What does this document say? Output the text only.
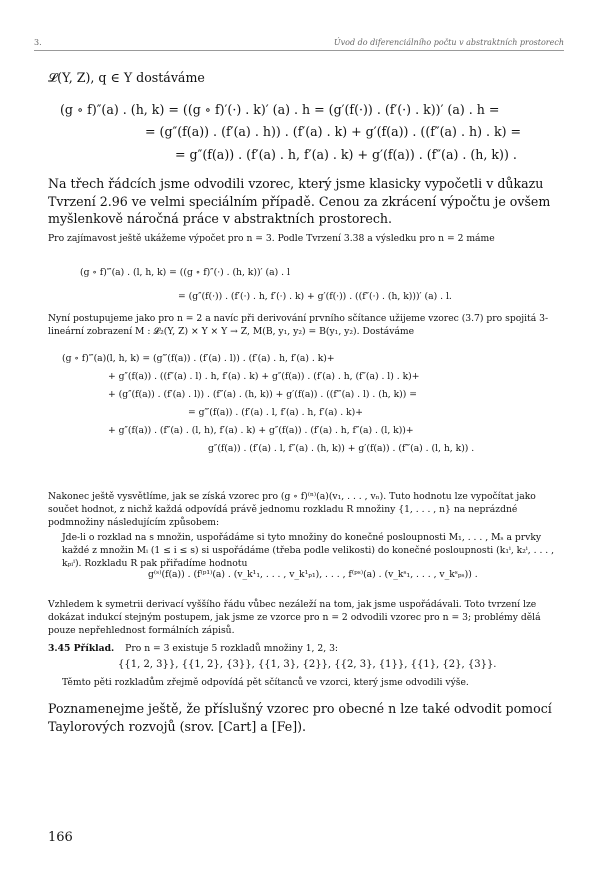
3.	Úvod do diferenciálního počtu v abstraktních prostorech
𝓛(Y, Z), q ∈ Y dostáváme
(g ∘ f)″(a) . (h, k) = ((g ∘ f)′(·) . k)′ (a) . h = (g′(f(·)) . (f′(·) . k))′ (a) . h =
= (g″(f(a)) . (f′(a) . h)) . (f′(a) . k) + g′(f(a)) . ((f″(a) . h) . k) =
= g″(f(a)) . (f′(a) . h, f′(a) . k) + g′(f(a)) . (f″(a) . (h, k)) .
Na třech řádcích jsme odvodili vzorec, který jsme klasicky vypočetli v důkazu Tvrzení 2.96 ve velmi speciálním případě. Cenou za zkrácení výpočtu je ovšem myšlenkově náročná práce v abstraktních prostorech.
Pro zajímavost ještě ukážeme výpočet pro n = 3. Podle Tvrzení 3.38 a výsledku pro n = 2 máme
(g ∘ f)‴(a) . (l, h, k) = ((g ∘ f)″(·) . (h, k))′ (a) . l
= (g″(f(·)) . (f′(·) . h, f′(·) . k) + g′(f(·)) . ((f″(·) . (h, k)))′ (a) . l.
Nyní postupujeme jako pro n = 2 a navíc při derivování prvního sčítance užijeme vzorec (3.7) pro spojitá 3-lineární zobrazení M : 𝓛₂(Y, Z) × Y × Y → Z, M(B, y₁, y₂) = B(y₁, y₂). Dostáváme
(g ∘ f)‴(a)(l, h, k) = (g‴(f(a)) . (f′(a) . l)) . (f′(a) . h, f′(a) . k)+
+ g″(f(a)) . ((f″(a) . l) . h, f′(a) . k) + g″(f(a)) . (f′(a) . h, (f″(a) . l) . k)+
+ (g″(f(a)) . (f′(a) . l)) . (f″(a) . (h, k)) + g′(f(a)) . ((f‴(a) . l) . (h, k)) =
= g‴(f(a)) . (f′(a) . l, f′(a) . h, f′(a) . k)+
+ g″(f(a)) . (f″(a) . (l, h), f′(a) . k) + g″(f(a)) . (f′(a) . h, f″(a) . (l, k))+
g″(f(a)) . (f′(a) . l, f″(a) . (h, k)) + g′(f(a)) . (f‴(a) . (l, h, k)) .
Nakonec ještě vysvětlíme, jak se získá vzorec pro (g ∘ f)⁽ⁿ⁾(a)(v₁, . . . , vₙ). Tuto hodnotu lze vypočítat jako součet hodnot, z nichž každá odpovídá právě jednomu rozkladu R množiny {1, . . . , n} na neprázdné podmnožiny následujícím způsobem:
Jde-li o rozklad na s množin, uspořádáme si tyto množiny do konečné posloupnosti M₁, . . . , Mₛ a prvky každé z množin Mᵢ (1 ≤ i ≤ s) si uspořádáme (třeba podle velikosti) do konečné posloupnosti (k₁ⁱ, k₂ⁱ, . . . , kₚᵢⁱ). Rozkladu R pak přiřadíme hodnotu
g⁽ˢ⁾(f(a)) . (f⁽ᵖ¹⁾(a) . (v_k¹₁, . . . , v_k¹ₚ₁), . . . , f⁽ᵖˢ⁾(a) . (v_kˢ₁, . . . , v_kˢₚₛ)) .
Vzhledem k symetrii derivací vyššího řádu vůbec nezáleží na tom, jak jsme uspořádávali. Toto tvrzení lze dokázat indukcí stejným postupem, jak jsme ze vzorce pro n = 2 odvodili vzorec pro n = 3; problémy dělá pouze nepřehlednost formálních zápisů.
3.45 Příklad. Pro n = 3 existuje 5 rozkladů množiny 1, 2, 3:
{{1, 2, 3}}, {{1, 2}, {3}}, {{1, 3}, {2}}, {{2, 3}, {1}}, {{1}, {2}, {3}}.
Těmto pěti rozkladům zřejmě odpovídá pět sčítanců ve vzorci, který jsme odvodili výše.
Poznamenejme ještě, že příslušný vzorec pro obecné n lze také odvodit pomocí Taylorových rozvojů (srov. [Cart] a [Fe]).
166
